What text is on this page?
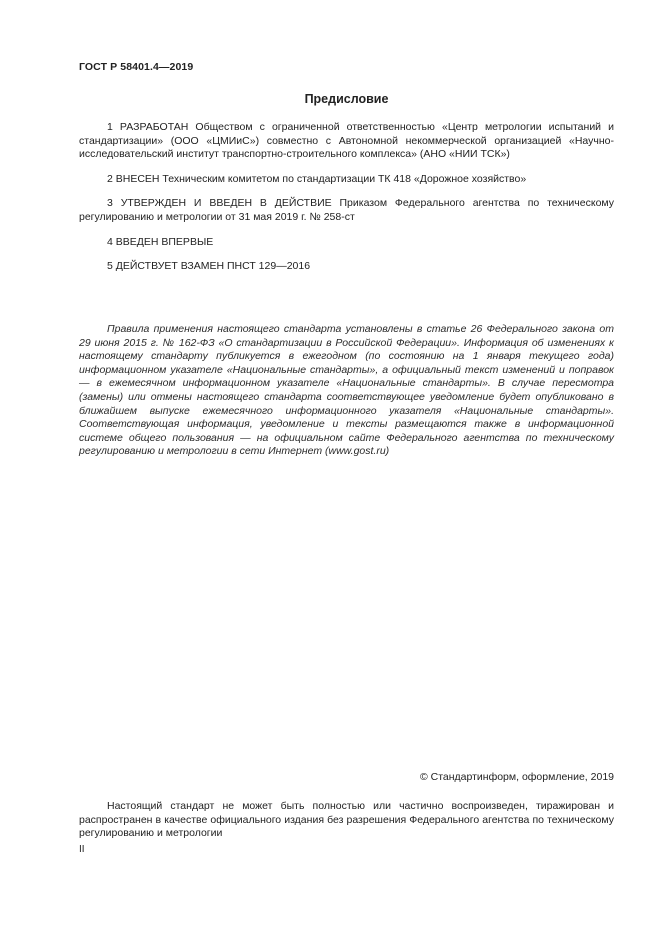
ГОСТ Р 58401.4—2019
Предисловие

1 РАЗРАБОТАН Обществом с ограниченной ответственностью «Центр метрологии испытаний и стандартизации» (ООО «ЦМИиС») совместно с Автономной некоммерческой организацией «Научно-исследовательский институт транспортно-строительного комплекса» (АНО «НИИ ТСК»)

2 ВНЕСЕН Техническим комитетом по стандартизации ТК 418 «Дорожное хозяйство»

3 УТВЕРЖДЕН И ВВЕДЕН В ДЕЙСТВИЕ Приказом Федерального агентства по техническому регулированию и метрологии от 31 мая 2019 г. № 258-ст

4 ВВЕДЕН ВПЕРВЫЕ

5 ДЕЙСТВУЕТ ВЗАМЕН ПНСТ 129—2016

Правила применения настоящего стандарта установлены в статье 26 Федерального закона от 29 июня 2015 г. № 162-ФЗ «О стандартизации в Российской Федерации». Информация об изменениях к настоящему стандарту публикуется в ежегодном (по состоянию на 1 января текущего года) информационном указателе «Национальные стандарты», а официальный текст изменений и поправок — в ежемесячном информационном указателе «Национальные стандарты». В случае пересмотра (замены) или отмены настоящего стандарта соответствующее уведомление будет опубликовано в ближайшем выпуске ежемесячного информационного указателя «Национальные стандарты». Соответствующая информация, уведомление и тексты размещаются также в информационной системе общего пользования — на официальном сайте Федерального агентства по техническому регулированию и метрологии в сети Интернет (www.gost.ru)

© Стандартинформ, оформление, 2019

Настоящий стандарт не может быть полностью или частично воспроизведен, тиражирован и распространен в качестве официального издания без разрешения Федерального агентства по техническому регулированию и метрологии

II
